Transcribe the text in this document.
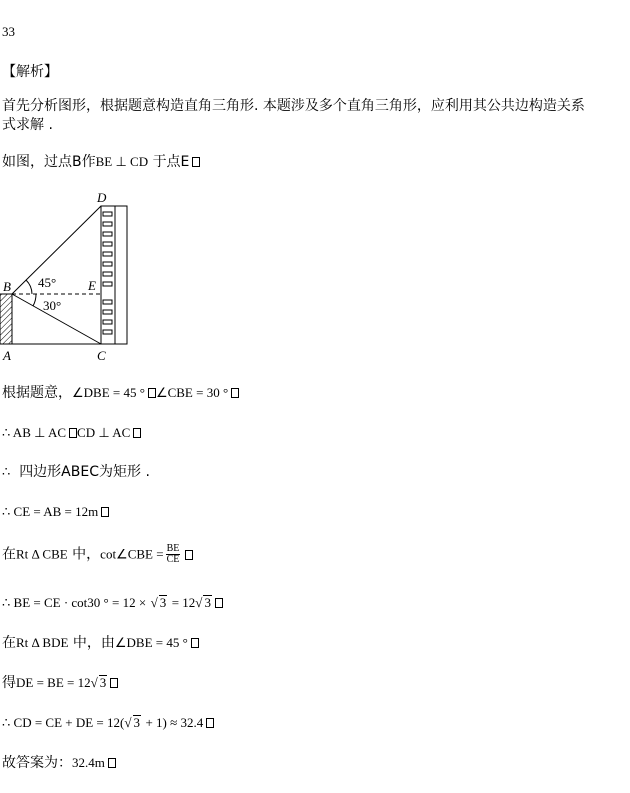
33
【解析】
首先分析图形，根据题意构造直角三角形. 本题涉及多个直角三角形，应利用其公共边构造关系
式求解 .
如图，过点B作BE ⊥ CD 于点E
D
B	E
A	C
45°
30°
根据题意，∠DBE = 45 ° ∠CBE = 30 °
∴ AB ⊥ AC CD ⊥ AC
∴ 四边形ABEC为矩形 .
∴ CE = AB = 12m
在Rt Δ CBE 中，cot∠CBE = $\frac{BE}{CE}$
∴ BE = CE · cot30 ° = 12 × √ 3 = 12√ 3
在Rt Δ BDE 中，由∠DBE = 45 °
得DE = BE = 12√ 3
∴ CD = CE + DE = 12(√ 3 + 1) ≈ 32.4
故答案为：32.4m
